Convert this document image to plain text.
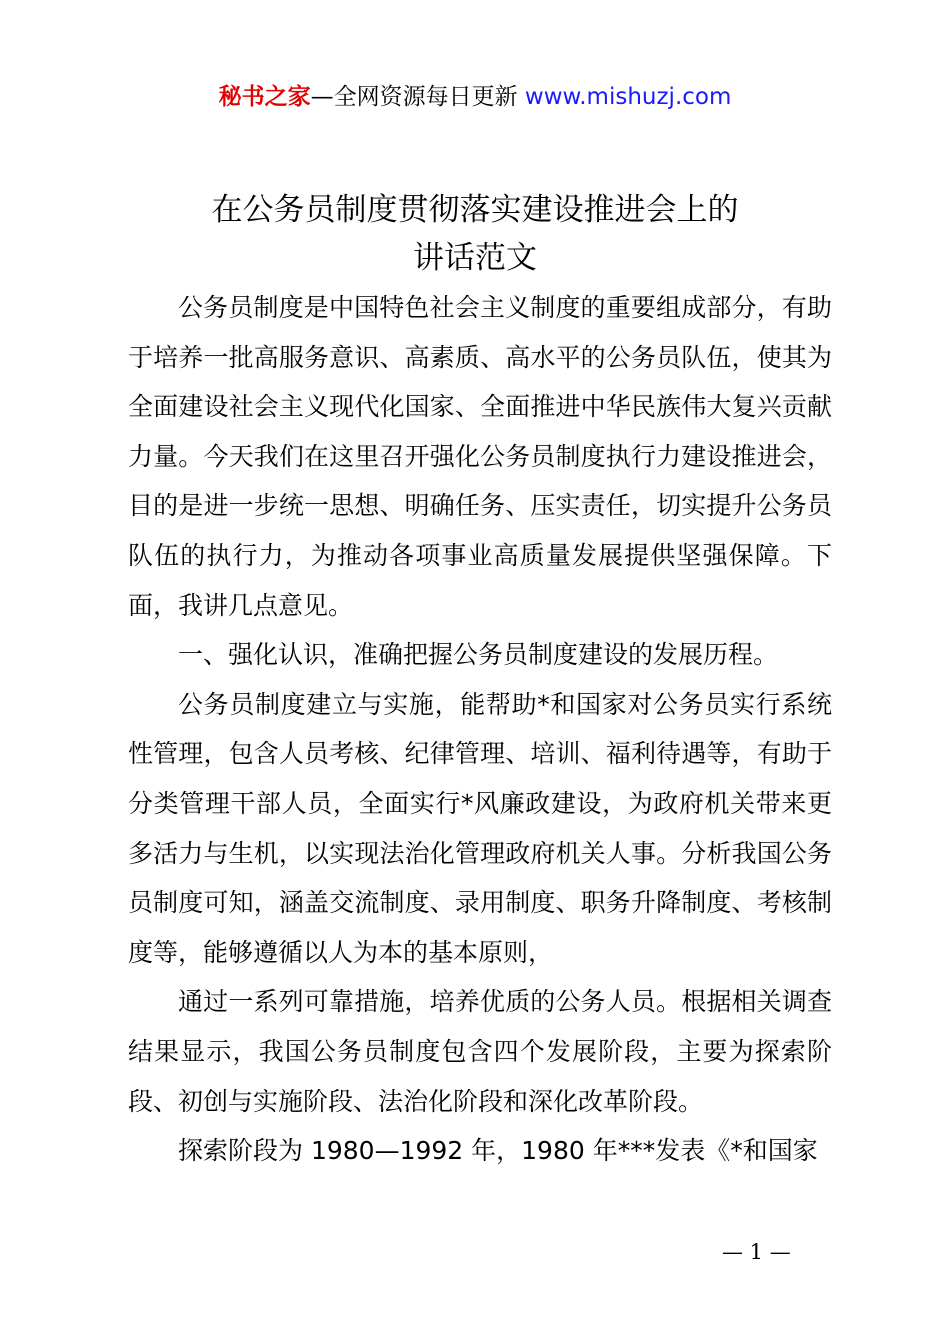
秘书之家—全网资源每日更新 www.mishuzj.com
在公务员制度贯彻落实建设推进会上的
讲话范文

公务员制度是中国特色社会主义制度的重要组成部分，有助于培养一批高服务意识、高素质、高水平的公务员队伍，使其为全面建设社会主义现代化国家、全面推进中华民族伟大复兴贡献力量。今天我们在这里召开强化公务员制度执行力建设推进会，目的是进一步统一思想、明确任务、压实责任，切实提升公务员队伍的执行力，为推动各项事业高质量发展提供坚强保障。下面，我讲几点意见。

一、强化认识，准确把握公务员制度建设的发展历程。

公务员制度建立与实施，能帮助*和国家对公务员实行系统性管理，包含人员考核、纪律管理、培训、福利待遇等，有助于分类管理干部人员，全面实行*风廉政建设，为政府机关带来更多活力与生机，以实现法治化管理政府机关人事。分析我国公务员制度可知，涵盖交流制度、录用制度、职务升降制度、考核制度等，能够遵循以人为本的基本原则，

通过一系列可靠措施，培养优质的公务人员。根据相关调查结果显示，我国公务员制度包含四个发展阶段，主要为探索阶段、初创与实施阶段、法治化阶段和深化改革阶段。

探索阶段为 1980—1992 年，1980 年***发表《*和国家

— 1 —
